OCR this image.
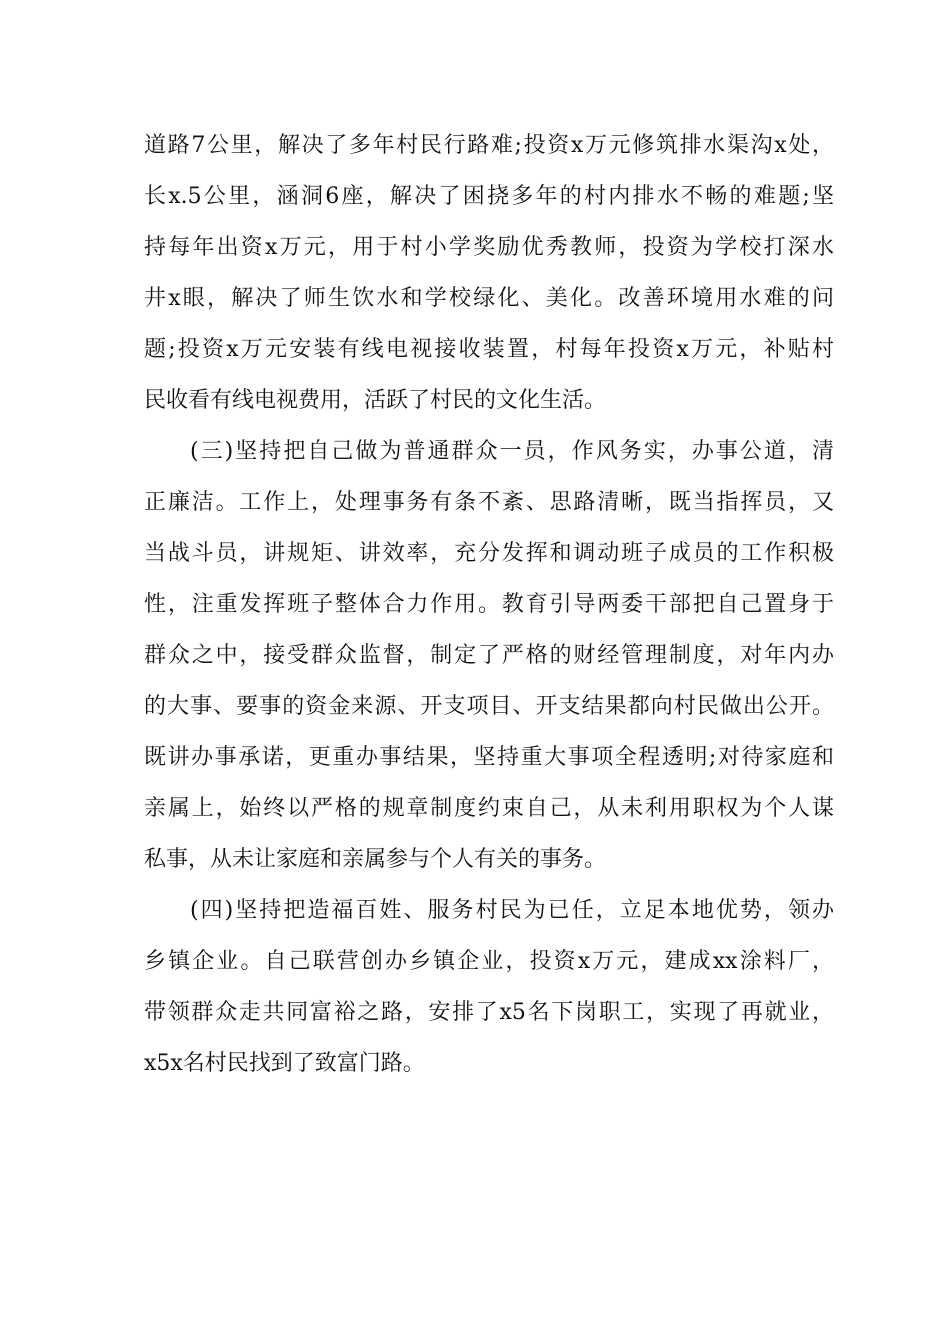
道路7公里，解决了多年村民行路难;投资x万元修筑排水渠沟x处，
长x.5公里，涵洞6座，解决了困挠多年的村内排水不畅的难题;坚
持每年出资x万元，用于村小学奖励优秀教师，投资为学校打深水
井x眼，解决了师生饮水和学校绿化、美化。改善环境用水难的问
题;投资x万元安装有线电视接收装置，村每年投资x万元，补贴村
民收看有线电视费用，活跃了村民的文化生活。
(三)坚持把自己做为普通群众一员，作风务实，办事公道，清
正廉洁。工作上，处理事务有条不紊、思路清晰，既当指挥员，又
当战斗员，讲规矩、讲效率，充分发挥和调动班子成员的工作积极
性，注重发挥班子整体合力作用。教育引导两委干部把自己置身于
群众之中，接受群众监督，制定了严格的财经管理制度，对年内办
的大事、要事的资金来源、开支项目、开支结果都向村民做出公开。
既讲办事承诺，更重办事结果，坚持重大事项全程透明;对待家庭和
亲属上，始终以严格的规章制度约束自己，从未利用职权为个人谋
私事，从未让家庭和亲属参与个人有关的事务。
(四)坚持把造福百姓、服务村民为已任，立足本地优势，领办
乡镇企业。自己联营创办乡镇企业，投资x万元，建成xx涂料厂，
带领群众走共同富裕之路，安排了x5名下岗职工，实现了再就业，
x5x名村民找到了致富门路。
